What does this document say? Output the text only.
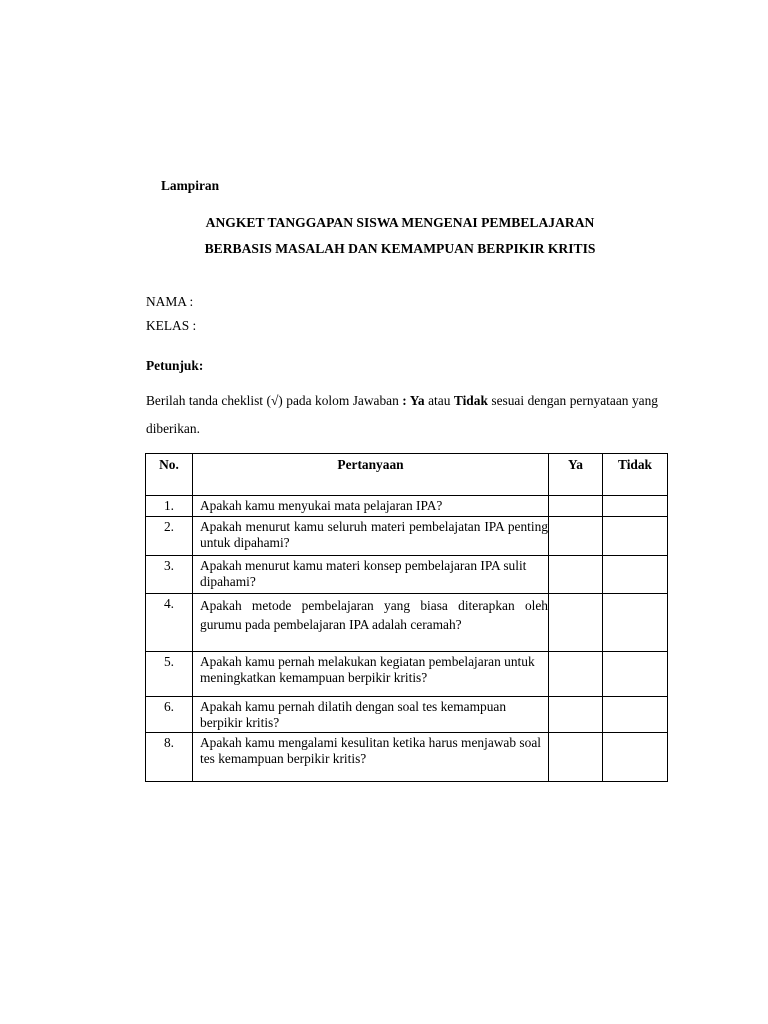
Lampiran
ANGKET TANGGAPAN SISWA MENGENAI PEMBELAJARAN
BERBASIS MASALAH DAN KEMAMPUAN BERPIKIR KRITIS
NAMA :
KELAS :
Petunjuk:
Berilah tanda cheklist (√) pada kolom Jawaban : Ya atau Tidak sesuai dengan pernyataan yang diberikan.
No.	Pertanyaan	Ya	Tidak
1.	Apakah kamu menyukai mata pelajaran IPA?		
2.	Apakah menurut kamu seluruh materi pembelajatan IPA penting untuk dipahami?		
3.	Apakah menurut kamu materi konsep pembelajaran IPA sulit dipahami?		
4.	Apakah metode pembelajaran yang biasa diterapkan oleh gurumu pada pembelajaran IPA adalah ceramah?		
5.	Apakah kamu pernah melakukan kegiatan pembelajaran untuk meningkatkan kemampuan berpikir kritis?		
6.	Apakah kamu pernah dilatih dengan soal tes kemampuan berpikir kritis?		
8.	Apakah kamu mengalami kesulitan ketika harus menjawab soal tes kemampuan berpikir kritis?		
